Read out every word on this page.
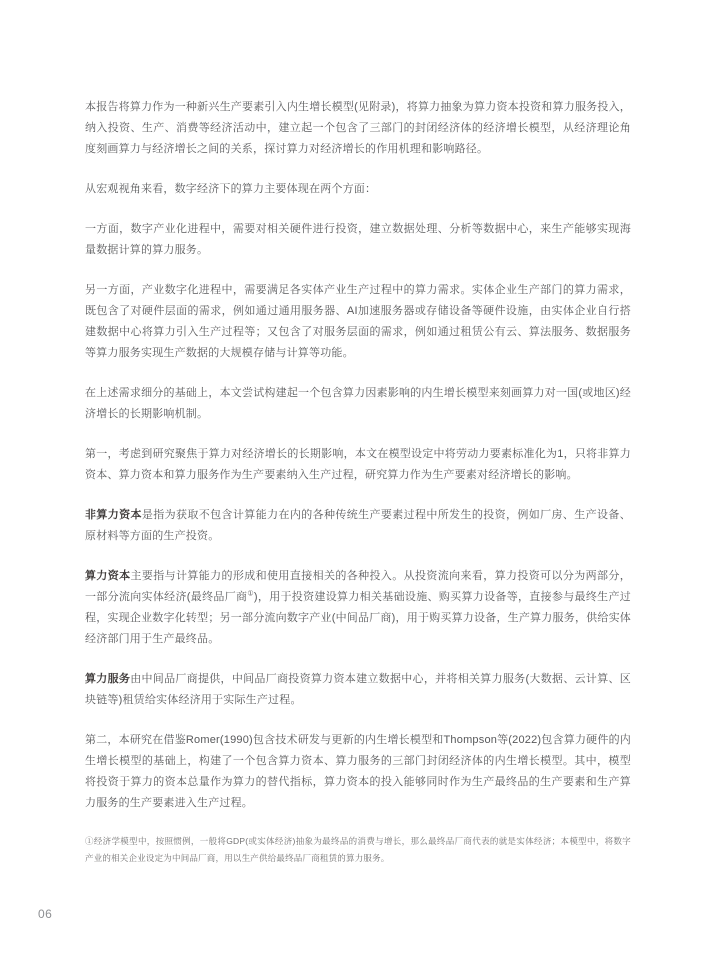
本报告将算力作为一种新兴生产要素引入内生增长模型(见附录)，将算力抽象为算力资本投资和算力服务投入，纳入投资、生产、消费等经济活动中，建立起一个包含了三部门的封闭经济体的经济增长模型，从经济理论角度刻画算力与经济增长之间的关系，探讨算力对经济增长的作用机理和影响路径。

从宏观视角来看，数字经济下的算力主要体现在两个方面：

一方面，数字产业化进程中，需要对相关硬件进行投资，建立数据处理、分析等数据中心，来生产能够实现海量数据计算的算力服务。

另一方面，产业数字化进程中，需要满足各实体产业生产过程中的算力需求。实体企业生产部门的算力需求，既包含了对硬件层面的需求，例如通过通用服务器、AI加速服务器或存储设备等硬件设施，由实体企业自行搭建数据中心将算力引入生产过程等；又包含了对服务层面的需求，例如通过租赁公有云、算法服务、数据服务等算力服务实现生产数据的大规模存储与计算等功能。

在上述需求细分的基础上，本文尝试构建起一个包含算力因素影响的内生增长模型来刻画算力对一国(或地区)经济增长的长期影响机制。

第一，考虑到研究聚焦于算力对经济增长的长期影响，本文在模型设定中将劳动力要素标准化为1，只将非算力资本、算力资本和算力服务作为生产要素纳入生产过程，研究算力作为生产要素对经济增长的影响。

非算力资本是指为获取不包含计算能力在内的各种传统生产要素过程中所发生的投资，例如厂房、生产设备、原材料等方面的生产投资。

算力资本主要指与计算能力的形成和使用直接相关的各种投入。从投资流向来看，算力投资可以分为两部分，一部分流向实体经济(最终品厂商①)，用于投资建设算力相关基础设施、购买算力设备等，直接参与最终生产过程，实现企业数字化转型；另一部分流向数字产业(中间品厂商)，用于购买算力设备，生产算力服务，供给实体经济部门用于生产最终品。

算力服务由中间品厂商提供，中间品厂商投资算力资本建立数据中心，并将相关算力服务(大数据、云计算、区块链等)租赁给实体经济用于实际生产过程。

第二，本研究在借鉴Romer(1990)包含技术研发与更新的内生增长模型和Thompson等(2022)包含算力硬件的内生增长模型的基础上，构建了一个包含算力资本、算力服务的三部门封闭经济体的内生增长模型。其中，模型将投资于算力的资本总量作为算力的替代指标，算力资本的投入能够同时作为生产最终品的生产要素和生产算力服务的生产要素进入生产过程。

①经济学模型中，按照惯例，一般将GDP(或实体经济)抽象为最终品的消费与增长，那么最终品厂商代表的就是实体经济；本模型中，将数字产业的相关企业设定为中间品厂商，用以生产供给最终品厂商租赁的算力服务。
06
